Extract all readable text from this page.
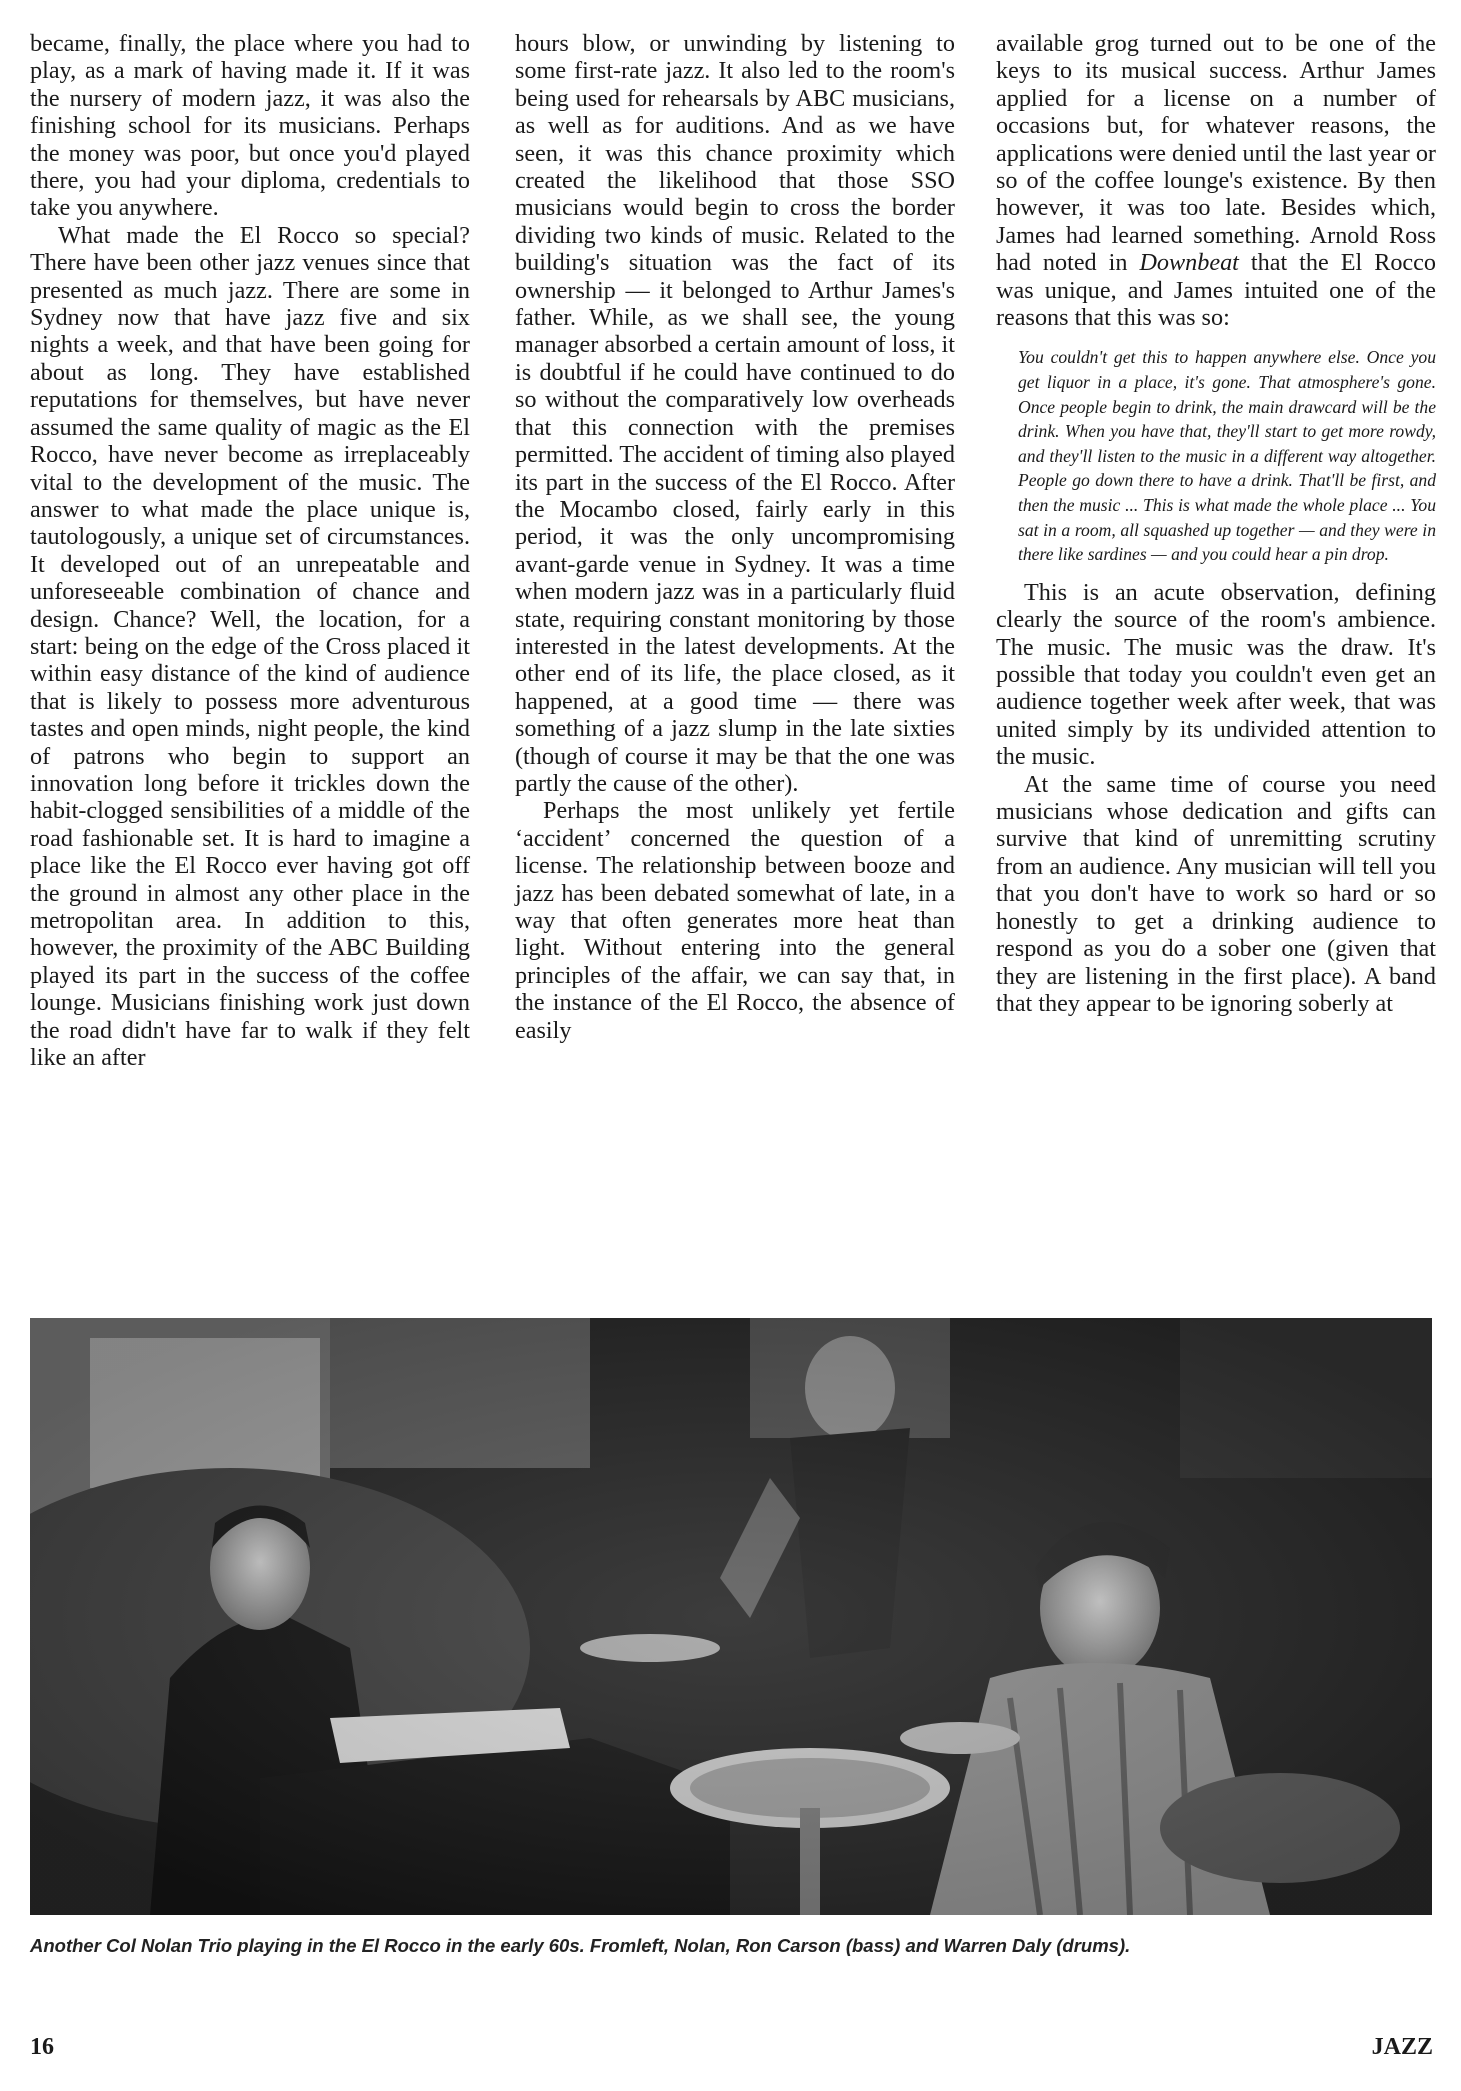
became, finally, the place where you had to play, as a mark of having made it. If it was the nursery of modern jazz, it was also the finishing school for its musicians. Perhaps the money was poor, but once you'd played there, you had your diploma, credentials to take you anywhere.

What made the El Rocco so special? There have been other jazz venues since that presented as much jazz. There are some in Sydney now that have jazz five and six nights a week, and that have been going for about as long. They have established reputations for themselves, but have never assumed the same quality of magic as the El Rocco, have never become as irreplaceably vital to the development of the music. The answer to what made the place unique is, tautologously, a unique set of circumstances. It developed out of an unrepeatable and unforeseeable combination of chance and design. Chance? Well, the location, for a start: being on the edge of the Cross placed it within easy distance of the kind of audience that is likely to possess more adventurous tastes and open minds, night people, the kind of patrons who begin to support an innovation long before it trickles down the habit-clogged sensibilities of a middle of the road fashionable set. It is hard to imagine a place like the El Rocco ever having got off the ground in almost any other place in the metropolitan area. In addition to this, however, the proximity of the ABC Building played its part in the success of the coffee lounge. Musicians finishing work just down the road didn't have far to walk if they felt like an after

hours blow, or unwinding by listening to some first-rate jazz. It also led to the room's being used for rehearsals by ABC musicians, as well as for auditions. And as we have seen, it was this chance proximity which created the likelihood that those SSO musicians would begin to cross the border dividing two kinds of music. Related to the building's situation was the fact of its ownership — it belonged to Arthur James's father. While, as we shall see, the young manager absorbed a certain amount of loss, it is doubtful if he could have continued to do so without the comparatively low overheads that this connection with the premises permitted. The accident of timing also played its part in the success of the El Rocco. After the Mocambo closed, fairly early in this period, it was the only uncompromising avant-garde venue in Sydney. It was a time when modern jazz was in a particularly fluid state, requiring constant monitoring by those interested in the latest developments. At the other end of its life, the place closed, as it happened, at a good time — there was something of a jazz slump in the late sixties (though of course it may be that the one was partly the cause of the other).

Perhaps the most unlikely yet fertile ‘accident’ concerned the question of a license. The relationship between booze and jazz has been debated somewhat of late, in a way that often generates more heat than light. Without entering into the general principles of the affair, we can say that, in the instance of the El Rocco, the absence of easily

available grog turned out to be one of the keys to its musical success. Arthur James applied for a license on a number of occasions but, for whatever reasons, the applications were denied until the last year or so of the coffee lounge's existence. By then however, it was too late. Besides which, James had learned something. Arnold Ross had noted in Downbeat that the El Rocco was unique, and James intuited one of the reasons that this was so:

You couldn't get this to happen anywhere else. Once you get liquor in a place, it's gone. That atmosphere's gone. Once people begin to drink, the main drawcard will be the drink. When you have that, they'll start to get more rowdy, and they'll listen to the music in a different way altogether. People go down there to have a drink. That'll be first, and then the music ... This is what made the whole place ... You sat in a room, all squashed up together — and they were in there like sardines — and you could hear a pin drop.

This is an acute observation, defining clearly the source of the room's ambience. The music. The music was the draw. It's possible that today you couldn't even get an audience together week after week, that was united simply by its undivided attention to the music.

At the same time of course you need musicians whose dedication and gifts can survive that kind of unremitting scrutiny from an audience. Any musician will tell you that you don't have to work so hard or so honestly to get a drinking audience to respond as you do a sober one (given that they are listening in the first place). A band that they appear to be ignoring soberly at

Another Col Nolan Trio playing in the El Rocco in the early 60s. Fromleft, Nolan, Ron Carson (bass) and Warren Daly (drums).
16	JAZZ
